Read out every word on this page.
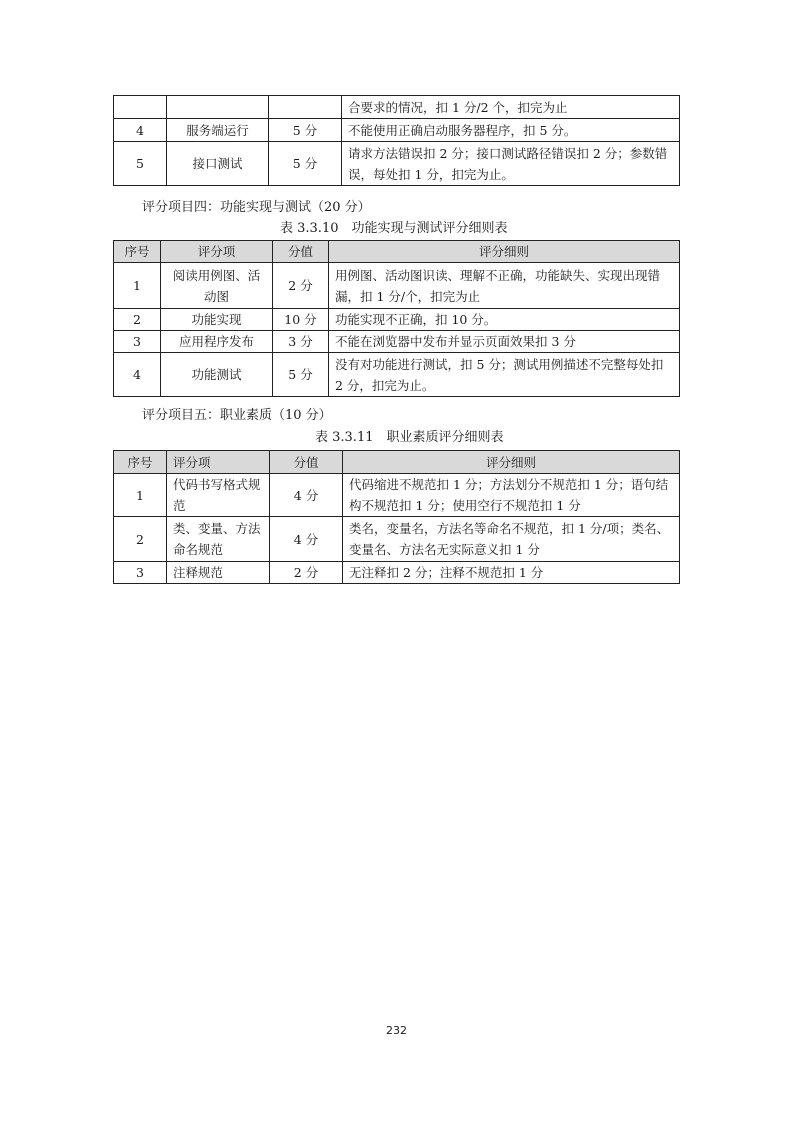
			合要求的情况，扣 1 分/2 个，扣完为止
4	服务端运行	5 分	不能使用正确启动服务器程序，扣 5 分。
5	接口测试	5 分	请求方法错误扣 2 分；接口测试路径错误扣 2 分；参数错误，每处扣 1 分，扣完为止。
评分项目四：功能实现与测试（20 分）
表 3.3.10　功能实现与测试评分细则表
序号	评分项	分值	评分细则
1	阅读用例图、活动图	2 分	用例图、活动图识读、理解不正确，功能缺失、实现出现错漏，扣 1 分/个，扣完为止
2	功能实现	10 分	功能实现不正确，扣 10 分。
3	应用程序发布	3 分	不能在浏览器中发布并显示页面效果扣 3 分
4	功能测试	5 分	没有对功能进行测试，扣 5 分；测试用例描述不完整每处扣 2 分，扣完为止。
评分项目五：职业素质（10 分）
表 3.3.11　职业素质评分细则表
序号	评分项	分值	评分细则
1	代码书写格式规范	4 分	代码缩进不规范扣 1 分；方法划分不规范扣 1 分；语句结构不规范扣 1 分；使用空行不规范扣 1 分
2	类、变量、方法命名规范	4 分	类名，变量名，方法名等命名不规范，扣 1 分/项；类名、变量名、方法名无实际意义扣 1 分
3	注释规范	2 分	无注释扣 2 分；注释不规范扣 1 分
232
